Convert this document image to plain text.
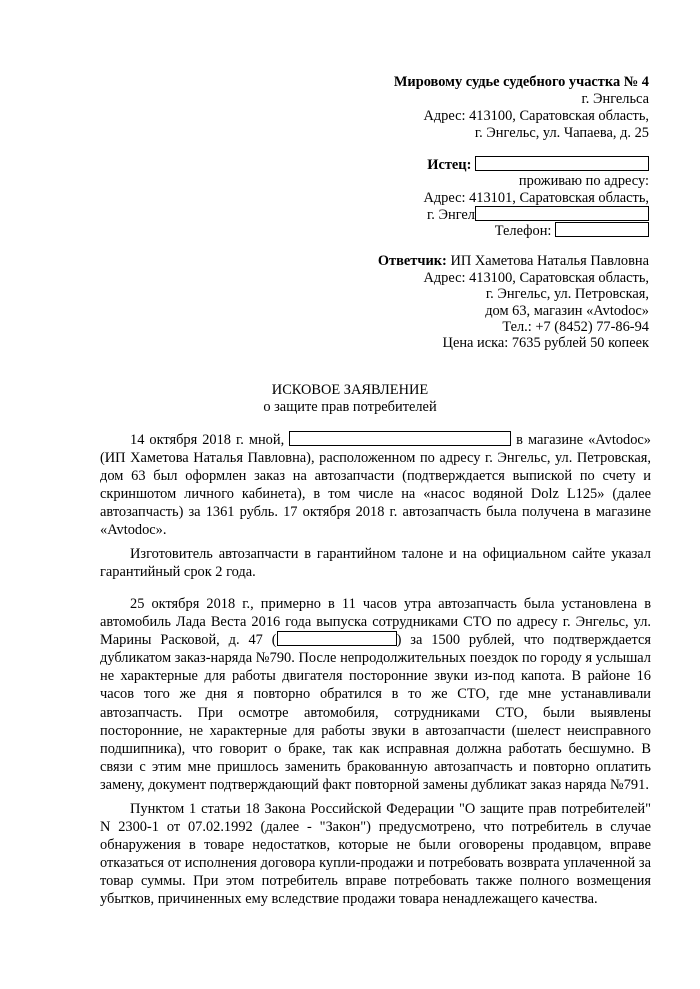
Мировому судье судебного участка № 4
г. Энгельса
Адрес: 413100, Саратовская область,
г. Энгельс, ул. Чапаева, д. 25
Истец:
проживаю по адресу:
Адрес: 413101, Саратовская область,
г. Энгел
Телефон:
Ответчик: ИП Хаметова Наталья Павловна
Адрес: 413100, Саратовская область,
г. Энгельс, ул. Петровская,
дом 63, магазин «Avtodoc»
Тел.: +7 (8452) 77-86-94
Цена иска: 7635 рублей 50 копеек
ИСКОВОЕ ЗАЯВЛЕНИЕ
о защите прав потребителей

14 октября 2018 г. мной,	в магазине «Avtodoc» (ИП Хаметова Наталья Павловна), расположенном по адресу г. Энгельс, ул. Петровская, дом 63 был оформлен заказ на автозапчасти (подтверждается выпиской по счету и скриншотом личного кабинета), в том числе на «насос водяной Dolz L125» (далее автозапчасть) за 1361 рубль. 17 октября 2018 г. автозапчасть была получена в магазине «Avtodoc».

Изготовитель автозапчасти в гарантийном талоне и на официальном сайте указал гарантийный срок 2 года.

25 октября 2018 г., примерно в 11 часов утра автозапчасть была установлена в автомобиль Лада Веста 2016 года выпуска сотрудниками СТО по адресу г. Энгельс, ул. Марины Расковой, д. 47 (	) за 1500 рублей, что подтверждается дубликатом заказ-наряда №790. После непродолжительных поездок по городу я услышал не характерные для работы двигателя посторонние звуки из-под капота. В районе 16 часов того же дня я повторно обратился в то же СТО, где мне устанавливали автозапчасть. При осмотре автомобиля, сотрудниками СТО, были выявлены посторонние, не характерные для работы звуки в автозапчасти (шелест неисправного подшипника), что говорит о браке, так как исправная должна работать бесшумно. В связи с этим мне пришлось заменить бракованную автозапчасть и повторно оплатить замену, документ подтверждающий факт повторной замены дубликат заказ наряда №791.

Пунктом 1 статьи 18 Закона Российской Федерации "О защите прав потребителей" N 2300-1 от 07.02.1992 (далее - "Закон") предусмотрено, что потребитель в случае обнаружения в товаре недостатков, которые не были оговорены продавцом, вправе отказаться от исполнения договора купли-продажи и потребовать возврата уплаченной за товар суммы. При этом потребитель вправе потребовать также полного возмещения убытков, причиненных ему вследствие продажи товара ненадлежащего качества.
